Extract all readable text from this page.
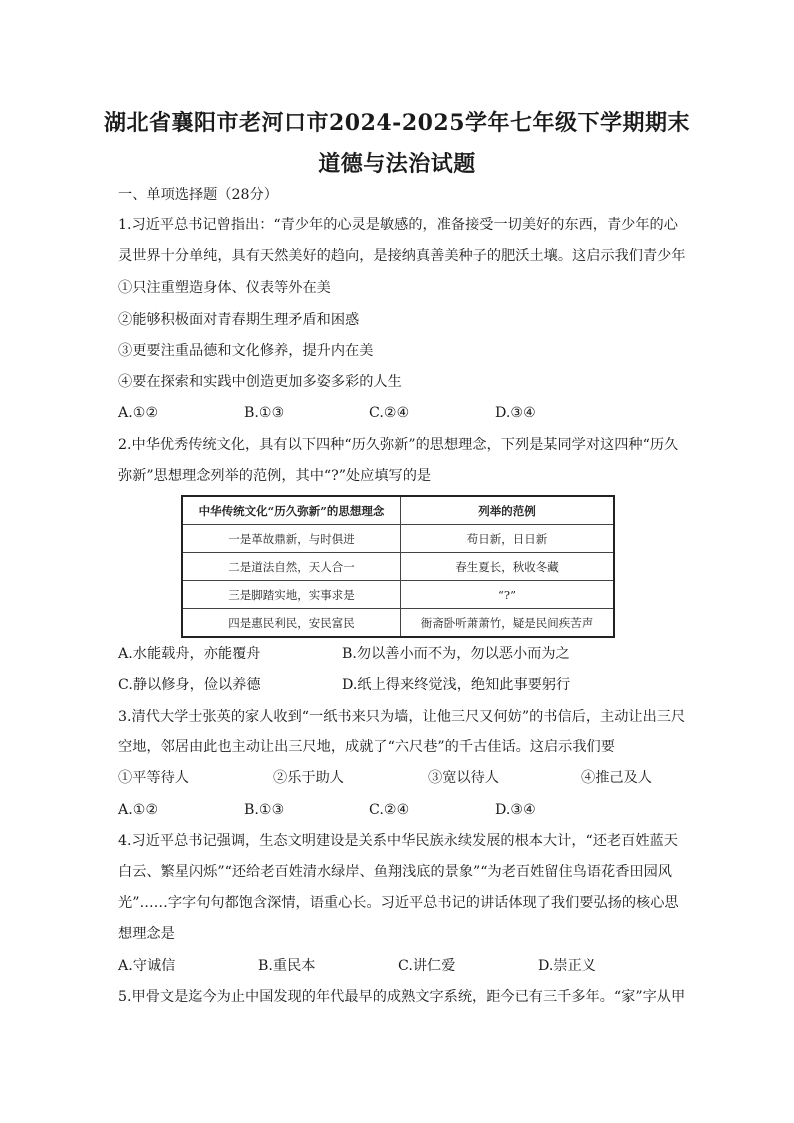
湖北省襄阳市老河口市2024-2025学年七年级下学期期末
道德与法治试题
一、单项选择题（28分）
1.习近平总书记曾指出：“青少年的心灵是敏感的，准备接受一切美好的东西，青少年的心
灵世界十分单纯，具有天然美好的趋向，是接纳真善美种子的肥沃土壤。这启示我们青少年
①只注重塑造身体、仪表等外在美
②能够积极面对青春期生理矛盾和困惑
③更要注重品德和文化修养，提升内在美
④要在探索和实践中创造更加多姿多彩的人生
A.①②	B.①③	C.②④	D.③④
2.中华优秀传统文化，具有以下四种“历久弥新”的思想理念，下列是某同学对这四种“历久
弥新”思想理念列举的范例，其中“?”处应填写的是
中华传统文化“历久弥新”的思想理念	列举的范例
一是革故鼎新，与时俱进	苟日新，日日新
二是道法自然，天人合一	春生夏长，秋收冬藏
三是脚踏实地，实事求是	“?”
四是惠民利民，安民富民	衙斋卧听萧萧竹，疑是民间疾苦声
A.水能载舟，亦能覆舟	B.勿以善小而不为，勿以恶小而为之
C.静以修身，俭以养德	D.纸上得来终觉浅，绝知此事要躬行
3.清代大学士张英的家人收到“一纸书来只为墙，让他三尺又何妨”的书信后，主动让出三尺
空地，邻居由此也主动让出三尺地，成就了“六尺巷”的千古佳话。这启示我们要
①平等待人	②乐于助人	③宽以待人	④推己及人
A.①②	B.①③	C.②④	D.③④
4.习近平总书记强调，生态文明建设是关系中华民族永续发展的根本大计，“还老百姓蓝天
白云、繁星闪烁”“还给老百姓清水绿岸、鱼翔浅底的景象”“为老百姓留住鸟语花香田园风
光”……字字句句都饱含深情，语重心长。习近平总书记的讲话体现了我们要弘扬的核心思
想理念是
A.守诚信	B.重民本	C.讲仁爱	D.崇正义
5.甲骨文是迄今为止中国发现的年代最早的成熟文字系统，距今已有三千多年。“家”字从甲
